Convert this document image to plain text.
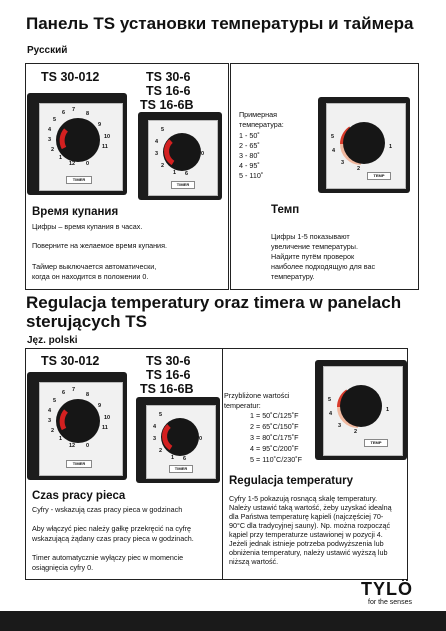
Панель TS установки температуры и таймера
Русский
TS 30-012	TS 30-6
TS 16-6
TS 16-6B
7
6
5
4
3
2
1
12
11
10
9
8
0
TIMER
5
4
3
2
1 6
0
TIMER
Время купания
Цифры – время купания в часах.
Поверните на желаемое время купания.
Таймер выключается автоматически,
когда он находится в положении 0.
Примерная
температура:
1 - 50˚
2 - 65˚
3 - 80˚
4 - 95˚
5 - 110˚
5
4
3
2
1
TEMP
Темп
Цифры 1-5 показывают
увеличение температуры.
Найдите путём проверок
наиболее подходящую для вас
температуру.
Regulacja temperatury oraz timera w panelach
sterujących TS
Jęz. polski
TS 30-012	TS 30-6
TS 16-6
TS 16-6B
7
6
5
4
3
2
1
12
11
10
9
8
0
TIMER
5
4
3
2
1 6
0
TIMER
Czas pracy pieca
Cyfry - wskazują czas pracy pieca w godzinach
Aby włączyć piec należy gałkę przekręcić na cyfrę
wskazującą żądany czas pracy pieca w godzinach.
Timer automatycznie wyłączy piec w momencie
osiągnięcia cyfry 0.
Przybliżone wartości
temperatur:
1 = 50˚C/125˚F
2 = 65˚C/150˚F
3 = 80˚C/175˚F
4 = 95˚C/200˚F
5 = 110˚C/230˚F
5
4
3
2
1
TEMP
Regulacja temperatury
Cyfry 1-5 pokazują rosnącą skalę temperatury.
Należy ustawić taką wartość, żeby uzyskać idealną
dla Państwa temperaturę kąpieli (najczęściej 70-
90°C dla tradycyjnej sauny). Np. można rozpocząć
kąpiel przy temperaturze ustawionej w pozycji 4.
Jeżeli jednak istnieje potrzeba podwyższenia lub
obniżenia temperatury, należy ustawić wyższą lub
niższą wartość.
TYLÖ
for the senses
